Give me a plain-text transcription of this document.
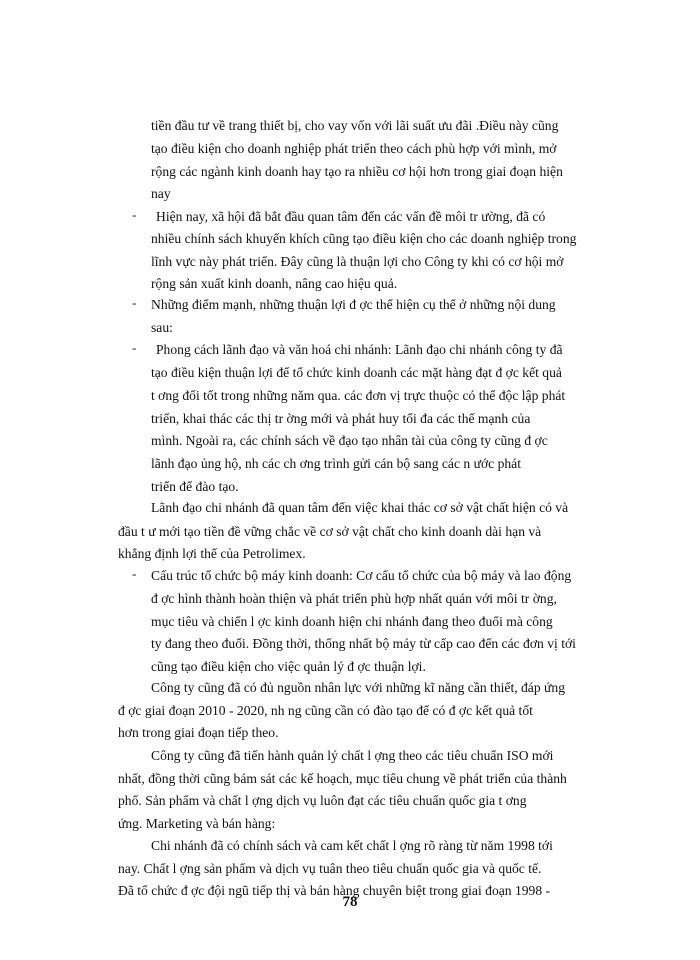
tiền đầu tư về trang thiết bị, cho vay vốn với lãi suất ưu đãi .Điều này cũng
tạo điều kiện cho doanh nghiệp phát triển theo cách phù hợp với mình, mở
rộng các ngành kinh doanh hay tạo ra nhiều cơ hội hơn trong giai đoạn hiện
nay
- Hiện nay, xã hội đã bắt đầu quan tâm đến các vấn đề môi tr ường, đã có
nhiều chính sách khuyến khích cũng tạo điều kiện cho các doanh nghiệp trong
lĩnh vực này phát triển. Đây cũng là thuận lợi cho Công ty khi có cơ hội mở
rộng sản xuất kinh doanh, nâng cao hiệu quả.
- Những điểm mạnh, những thuận lợi đ ợc thể hiện cụ thể ở những nội dung
sau:
- Phong cách lãnh đạo và văn hoá chi nhánh: Lãnh đạo chi nhánh công ty đã
tạo điều kiện thuận lợi để tổ chức kinh doanh các mặt hàng đạt đ ợc kết quả
t ơng đối tốt trong những năm qua. các đơn vị trực thuộc có thể độc lập phát
triển, khai thác các thị tr ờng mới và phát huy tối đa các thế mạnh của
mình. Ngoài ra, các chính sách về đạo tạo nhân tài của công ty cũng đ ợc
lãnh đạo ủng hộ, nh các ch ơng trình gửi cán bộ sang các n ước phát
triển để đào tạo.
Lãnh đạo chi nhánh đã quan tâm đến việc khai thác cơ sở vật chất hiện có và
đầu t ư mới tạo tiền đề vững chắc về cơ sở vật chất cho kinh doanh dài hạn và
khẳng định lợi thế của Petrolimex.
- Cấu trúc tổ chức bộ máy kinh doanh: Cơ cấu tổ chức của bộ máy và lao động
đ ợc hình thành hoàn thiện và phát triển phù hợp nhất quán với môi tr ờng,
mục tiêu và chiến l ợc kinh doanh hiện chi nhánh đang theo đuổi mà công
ty đang theo đuổi. Đồng thời, thống nhất bộ máy từ cấp cao đến các đơn vị tới
cũng tạo điều kiện cho việc quản lý đ ợc thuận lợi.
Công ty cũng đã có đủ nguồn nhân lực với những kĩ năng cần thiết, đáp ứng
đ ợc giai đoạn 2010 - 2020, nh ng cũng cần có đào tạo để có đ ợc kết quả tốt
hơn trong giai đoạn tiếp theo.
Công ty cũng đã tiến hành quản lý chất l ợng theo các tiêu chuẩn ISO mới
nhất, đồng thời cũng bám sát các kế hoạch, mục tiêu chung về phát triển của thành
phố. Sản phẩm và chất l ợng dịch vụ luôn đạt các tiêu chuẩn quốc gia t ơng
ứng. Marketing và bán hàng:
Chi nhánh đã có chính sách và cam kết chất l ợng rõ ràng từ năm 1998 tới
nay. Chất l ợng sản phẩm và dịch vụ tuân theo tiêu chuẩn quốc gia và quốc tế.
Đã tổ chức đ ợc đội ngũ tiếp thị và bán hàng chuyên biệt trong giai đoạn 1998 -
78
